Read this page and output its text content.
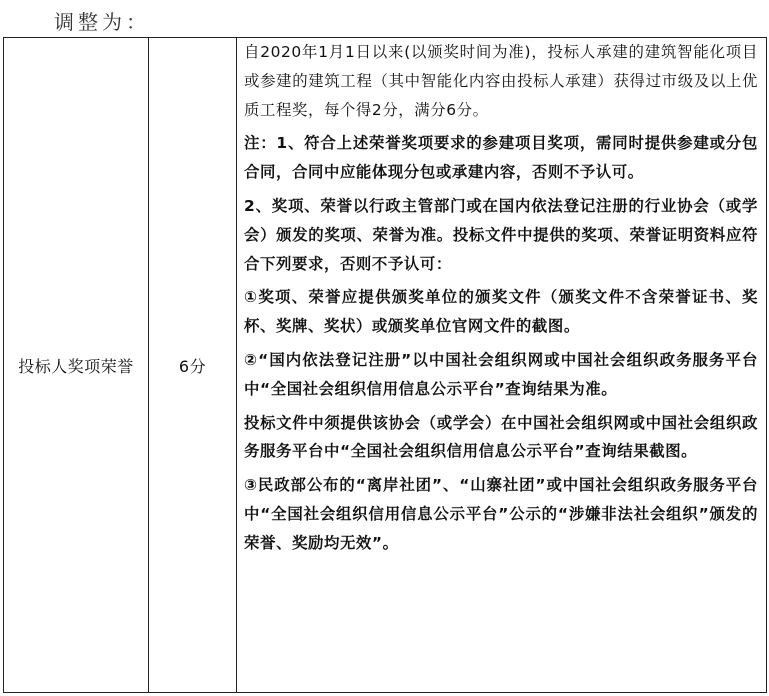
调整为：
投标人奖项荣誉	6分

自2020年1月1日以来(以颁奖时间为准)，投标人承建的建筑智能化项目或参建的建筑工程（其中智能化内容由投标人承建）获得过市级及以上优质工程奖，每个得2分，满分6分。

注：1、符合上述荣誉奖项要求的参建项目奖项，需同时提供参建或分包合同，合同中应能体现分包或承建内容，否则不予认可。

2、奖项、荣誉以行政主管部门或在国内依法登记注册的行业协会（或学会）颁发的奖项、荣誉为准。投标文件中提供的奖项、荣誉证明资料应符合下列要求，否则不予认可：

①奖项、荣誉应提供颁奖单位的颁奖文件（颁奖文件不含荣誉证书、奖杯、奖牌、奖状）或颁奖单位官网文件的截图。

②“国内依法登记注册”以中国社会组织网或中国社会组织政务服务平台中“全国社会组织信用信息公示平台”查询结果为准。

投标文件中须提供该协会（或学会）在中国社会组织网或中国社会组织政务服务平台中“全国社会组织信用信息公示平台”查询结果截图。

③民政部公布的“离岸社团”、“山寨社团”或中国社会组织政务服务平台中“全国社会组织信用信息公示平台”公示的“涉嫌非法社会组织”颁发的荣誉、奖励均无效”。
